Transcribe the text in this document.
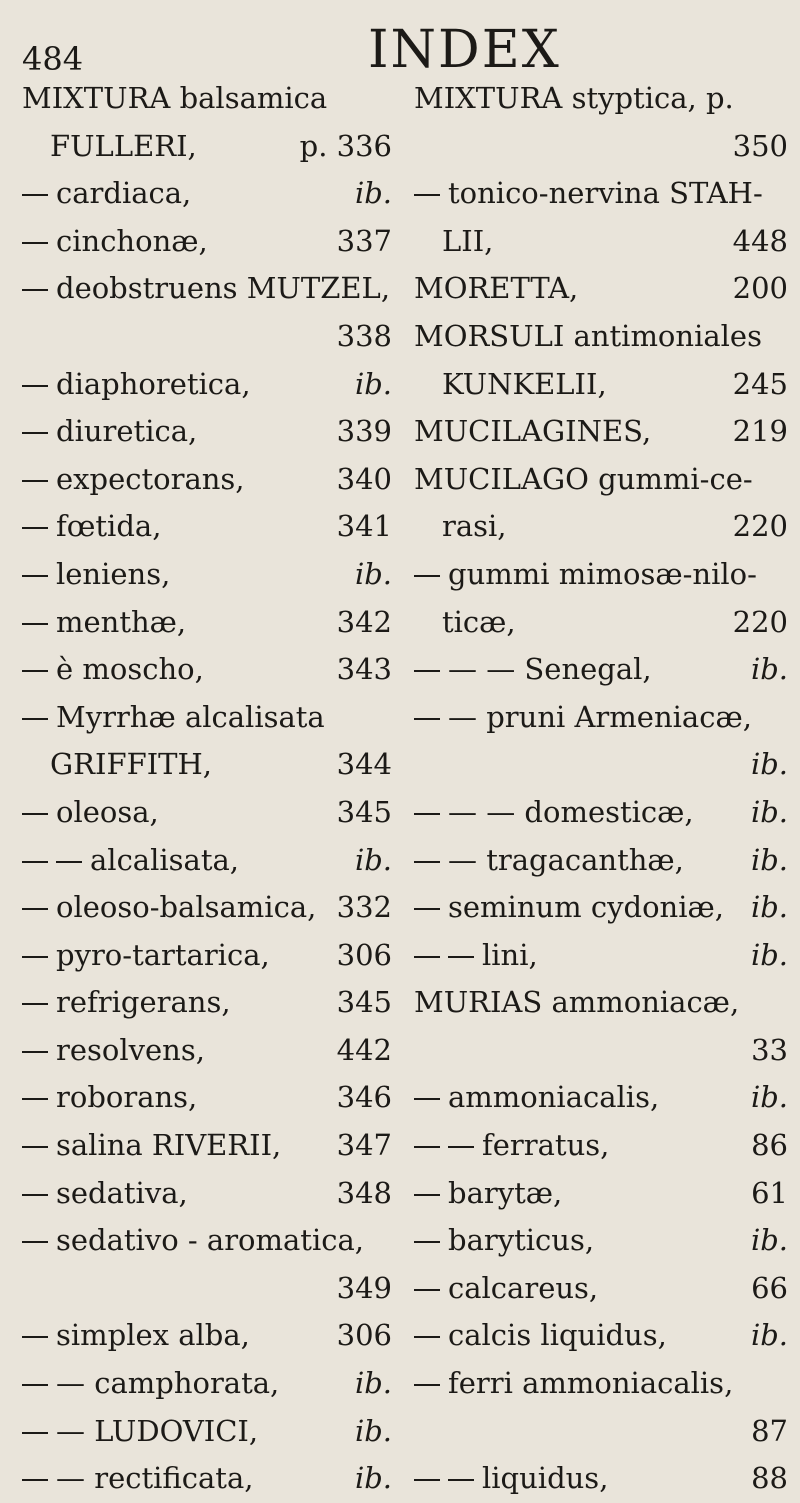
484	INDEX
MIXTURA balsamica
FULLERI,	p. 336
cardiaca,	ib.
cinchonæ,	337
deobstruens MUTZEL,
338
diaphoretica,	ib.
diuretica,	339
expectorans,	340
fœtida,	341
leniens,	ib.
menthæ,	342
è moscho,	343
Myrrhæ alcalisata
GRIFFITH,	344
oleosa,	345
alcalisata,	ib.
oleoso-balsamica, 332
pyro-tartarica, 306
refrigerans,	345
resolvens,	442
roborans,	346
salina RIVERII, 347
sedativa,	348
sedativo - aromatica,
349
simplex alba,	306
— camphorata,	ib.
— LUDOVICI,	ib.
— rectificata,	ib.
MIXTURA styptica, p.
350
tonico-nervina STAH-
LII,	448
MORETTA,	200
MORSULI antimoniales
KUNKELII,	245
MUCILAGINES,	219
MUCILAGO gummi-ce-
rasi,	220
gummi mimosæ-nilo-
ticæ,	220
— — Senegal,	ib.
— pruni Armeniacæ,
ib.
— — domesticæ, ib.
— tragacanthæ, ib.
seminum cydoniæ, ib.
lini,	ib.
MURIAS ammoniacæ,
33
ammoniacalis,	ib.
ferratus,	86
barytæ,	61
baryticus,	ib.
calcareus,	66
calcis liquidus,	ib.
ferri ammoniacalis,
87
liquidus,	88
